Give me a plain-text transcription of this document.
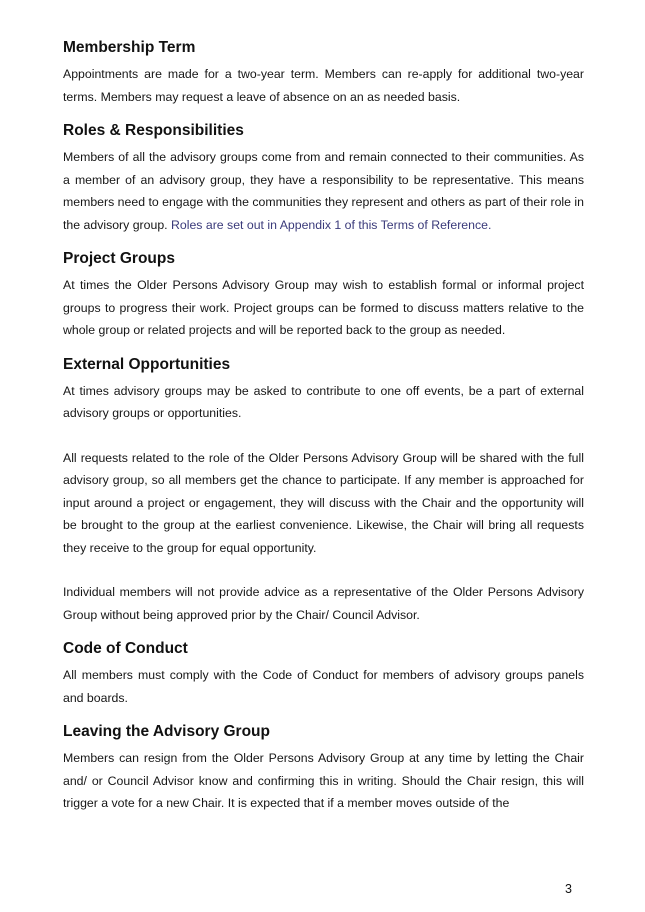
Membership Term

Appointments are made for a two-year term. Members can re-apply for additional two-year terms. Members may request a leave of absence on an as needed basis.

Roles & Responsibilities

Members of all the advisory groups come from and remain connected to their communities. As a member of an advisory group, they have a responsibility to be representative. This means members need to engage with the communities they represent and others as part of their role in the advisory group. Roles are set out in Appendix 1 of this Terms of Reference.

Project Groups

At times the Older Persons Advisory Group may wish to establish formal or informal project groups to progress their work. Project groups can be formed to discuss matters relative to the whole group or related projects and will be reported back to the group as needed.

External Opportunities

At times advisory groups may be asked to contribute to one off events, be a part of external advisory groups or opportunities.

All requests related to the role of the Older Persons Advisory Group will be shared with the full advisory group, so all members get the chance to participate. If any member is approached for input around a project or engagement, they will discuss with the Chair and the opportunity will be brought to the group at the earliest convenience. Likewise, the Chair will bring all requests they receive to the group for equal opportunity.

Individual members will not provide advice as a representative of the Older Persons Advisory Group without being approved prior by the Chair/ Council Advisor.

Code of Conduct

All members must comply with the Code of Conduct for members of advisory groups panels and boards.

Leaving the Advisory Group

Members can resign from the Older Persons Advisory Group at any time by letting the Chair and/ or Council Advisor know and confirming this in writing. Should the Chair resign, this will trigger a vote for a new Chair. It is expected that if a member moves outside of the

3
